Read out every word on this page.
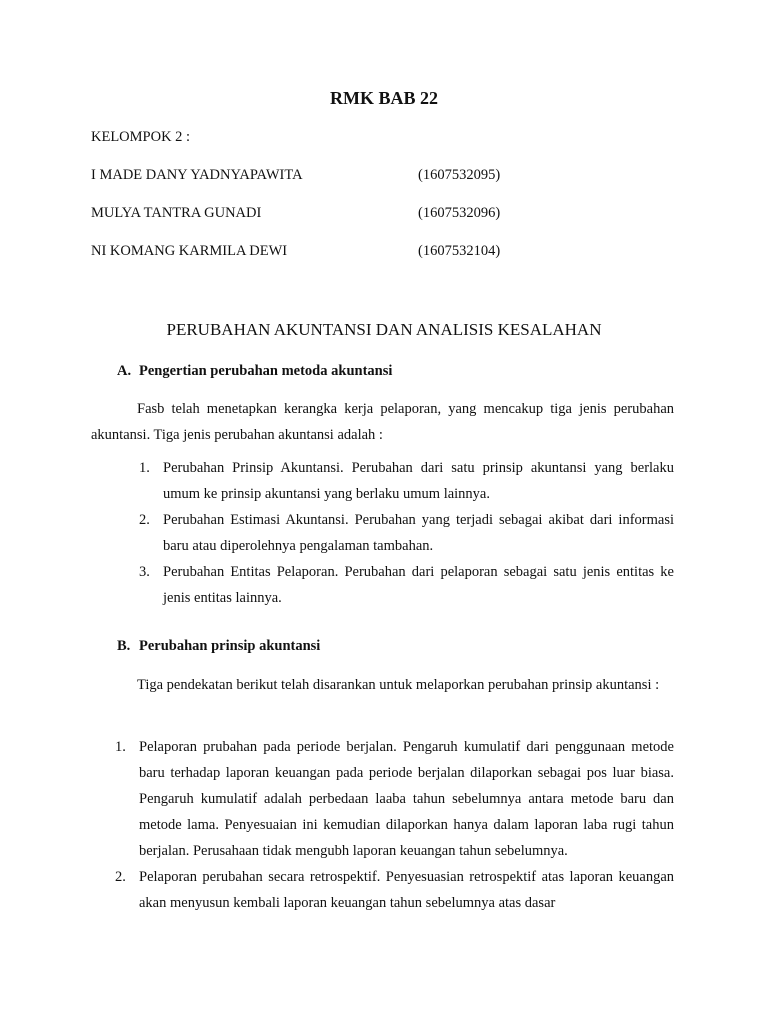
RMK BAB 22
KELOMPOK 2 :
I MADE DANY YADNYAPAWITA	(1607532095)
MULYA TANTRA GUNADI	(1607532096)
NI KOMANG KARMILA DEWI	(1607532104)
PERUBAHAN AKUNTANSI DAN ANALISIS KESALAHAN
A. Pengertian perubahan metoda akuntansi
Fasb telah menetapkan kerangka kerja pelaporan, yang mencakup tiga jenis perubahan akuntansi. Tiga jenis perubahan akuntansi adalah :
1. Perubahan Prinsip Akuntansi. Perubahan dari satu prinsip akuntansi yang berlaku umum ke prinsip akuntansi yang berlaku umum lainnya.
2. Perubahan Estimasi Akuntansi. Perubahan yang terjadi sebagai akibat dari informasi baru atau diperolehnya pengalaman tambahan.
3. Perubahan Entitas Pelaporan. Perubahan dari pelaporan sebagai satu jenis entitas ke jenis entitas lainnya.
B. Perubahan prinsip akuntansi
Tiga pendekatan berikut telah disarankan untuk melaporkan perubahan prinsip akuntansi :
1. Pelaporan prubahan pada periode berjalan. Pengaruh kumulatif dari penggunaan metode baru terhadap laporan keuangan pada periode berjalan dilaporkan sebagai pos luar biasa. Pengaruh kumulatif adalah perbedaan laaba tahun sebelumnya antara metode baru dan metode lama. Penyesuaian ini kemudian dilaporkan hanya dalam laporan laba rugi tahun berjalan. Perusahaan tidak mengubh laporan keuangan tahun sebelumnya.
2. Pelaporan perubahan secara retrospektif. Penyesuasian retrospektif atas laporan keuangan akan menyusun kembali laporan keuangan tahun sebelumnya atas dasar
